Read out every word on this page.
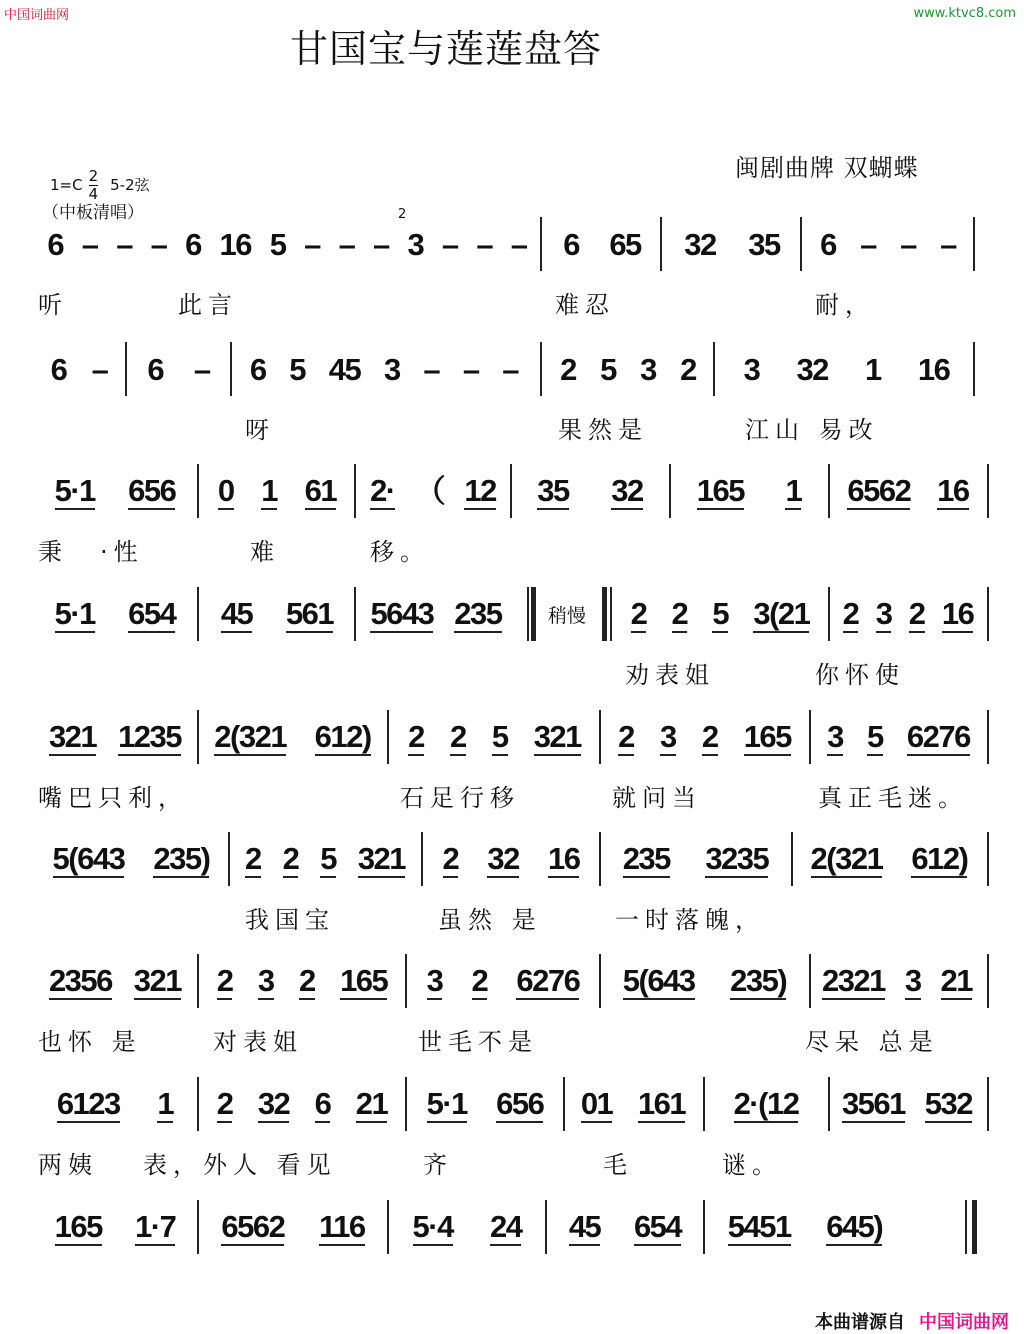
中国词曲网	www.ktvc8.com
甘国宝与莲莲盘答
闽剧曲牌 双蝴蝶
$1=C \frac{2}{4} 5-2$弦
（中板清唱）
6 – – – 6 16 5 – – – 3 – – – 6 65 32 35 6 – – –
2
听	此言	难忍	耐，
6 – 6 – 6 5 45 3 – – – 2 5 3 2 3 32 1 16
呀	果然是	江山 易改
5·1 656 0 1 61 2· （ 12 35 32 165 1 6562 16
秉 ·性	难	移。
5·1 654 45 561 5643 235	2 2 5 3(21 2 3 2 16
稍慢
劝表姐	你怀使
321 1235 2(321 612) 2 2 5 321 2 3 2 165 3 5 6276
嘴巴只利，	石足行移	就问当	真正毛迷。
5(643 235) 2 2 5 321 2 32 16 235 3235 2(321 612)
我国宝	虽然 是	一时落魄，
2356 321 2 3 2 165 3 2 6276 5(643 235) 2321 3 21
也怀 是	对表姐	世毛不是	尽呆 总是
6123 1 2 32 6 21 5·1 656 01 161 2·(12 3561 532
两姨 表，外人 看见	齐	毛	谜。
165 1·7 6562 116 5·4 24 45 654 5451 645)
本曲谱源自 中国词曲网
